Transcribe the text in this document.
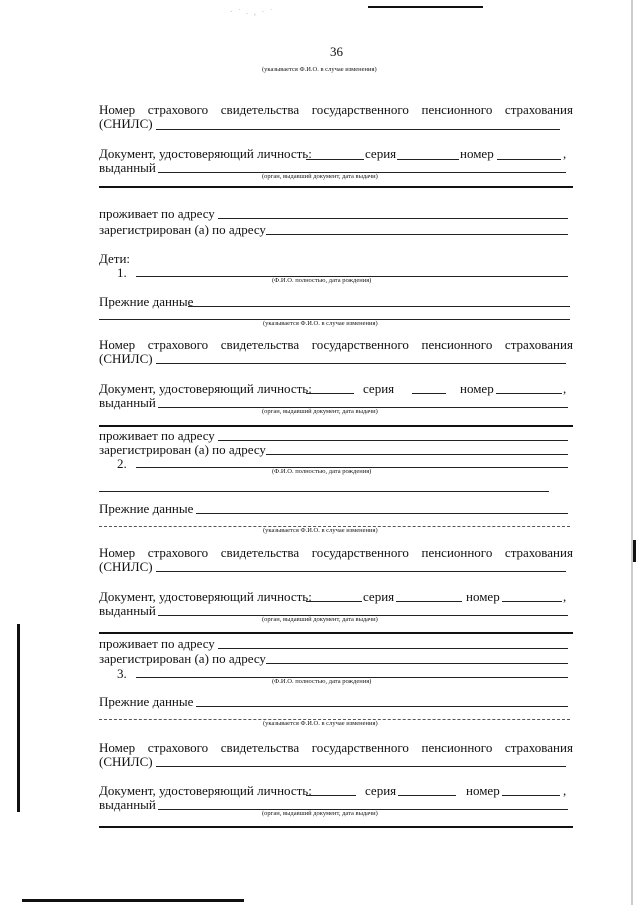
· ˙ . ¸ · ˙
36
(указывается Ф.И.О. в случае изменения)
Номер страхового свидетельства государственного пенсионного страхования
(СНИЛС)
Документ, удостоверяющий личность:	серия	номер	,
выданный
(орган, выдавший документ, дата выдачи)
проживает по адресу
зарегистрирован (а) по адресу
Дети:
1.
(Ф.И.О. полностью, дата рождения)
Прежние данные
(указывается Ф.И.О. в случае изменения)
Номер страхового свидетельства государственного пенсионного страхования
(СНИЛС)
Документ, удостоверяющий личность:	серия	номер	,
выданный
(орган, выдавший документ, дата выдачи)
проживает по адресу
зарегистрирован (а) по адресу
2.
(Ф.И.О. полностью, дата рождения)
Прежние данные
(указывается Ф.И.О. в случае изменения)
Номер страхового свидетельства государственного пенсионного страхования
(СНИЛС)
Документ, удостоверяющий личность:	серия	номер	,
выданный
(орган, выдавший документ, дата выдачи)
проживает по адресу
зарегистрирован (а) по адресу
3.
(Ф.И.О. полностью, дата рождения)
Прежние данные
(указывается Ф.И.О. в случае изменения)
Номер страхового свидетельства государственного пенсионного страхования
(СНИЛС)
Документ, удостоверяющий личность:	серия	номер	,
выданный
(орган, выдавший документ, дата выдачи)
